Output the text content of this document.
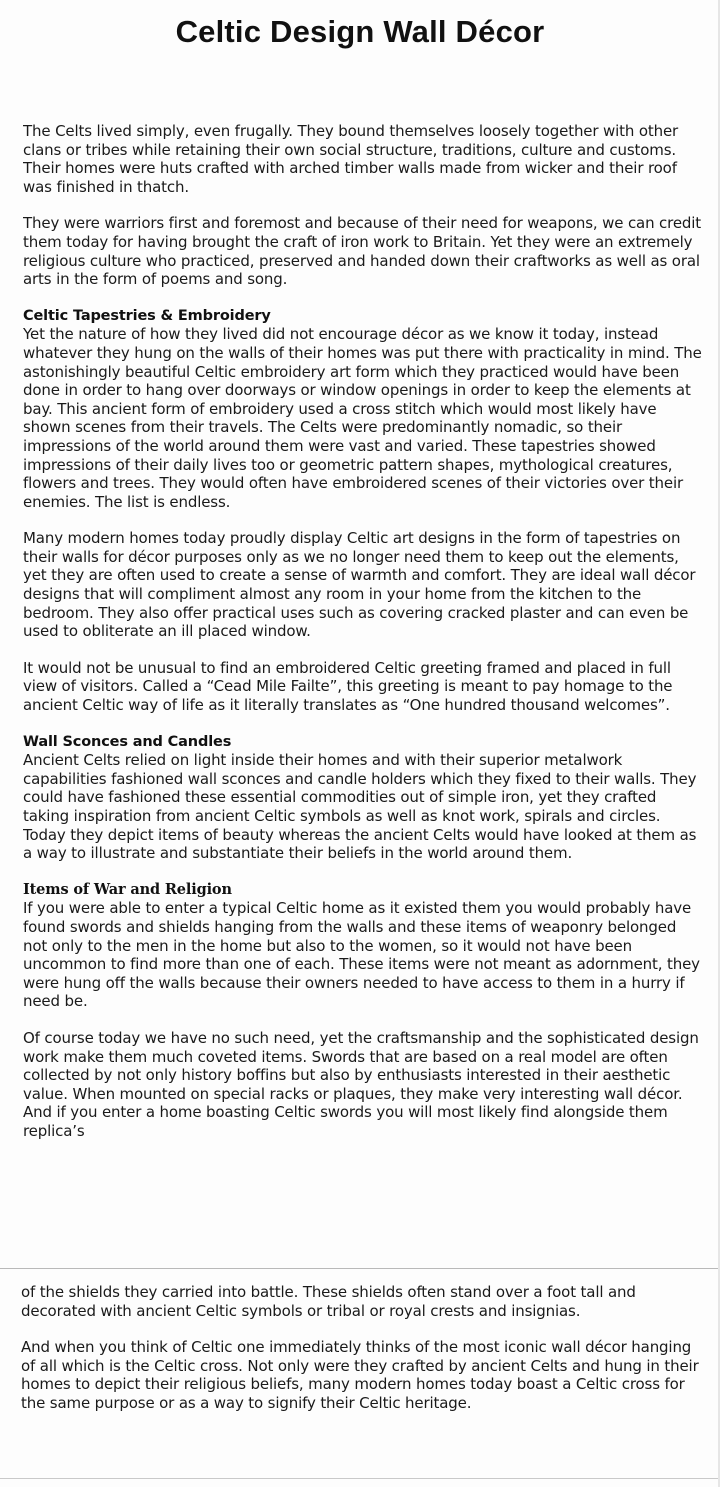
Celtic Design Wall Décor

The Celts lived simply, even frugally. They bound themselves loosely together with other clans or tribes while retaining their own social structure, traditions, culture and customs. Their homes were huts crafted with arched timber walls made from wicker and their roof was finished in thatch.

They were warriors first and foremost and because of their need for weapons, we can credit them today for having brought the craft of iron work to Britain. Yet they were an extremely religious culture who practiced, preserved and handed down their craftworks as well as oral arts in the form of poems and song.

Celtic Tapestries & Embroidery

Yet the nature of how they lived did not encourage décor as we know it today, instead whatever they hung on the walls of their homes was put there with practicality in mind. The astonishingly beautiful Celtic embroidery art form which they practiced would have been done in order to hang over doorways or window openings in order to keep the elements at bay. This ancient form of embroidery used a cross stitch which would most likely have shown scenes from their travels. The Celts were predominantly nomadic, so their impressions of the world around them were vast and varied. These tapestries showed impressions of their daily lives too or geometric pattern shapes, mythological creatures, flowers and trees. They would often have embroidered scenes of their victories over their enemies. The list is endless.

Many modern homes today proudly display Celtic art designs in the form of tapestries on their walls for décor purposes only as we no longer need them to keep out the elements, yet they are often used to create a sense of warmth and comfort. They are ideal wall décor designs that will compliment almost any room in your home from the kitchen to the bedroom. They also offer practical uses such as covering cracked plaster and can even be used to obliterate an ill placed window.

It would not be unusual to find an embroidered Celtic greeting framed and placed in full view of visitors. Called a “Cead Mile Failte”, this greeting is meant to pay homage to the ancient Celtic way of life as it literally translates as “One hundred thousand welcomes”.

Wall Sconces and Candles

Ancient Celts relied on light inside their homes and with their superior metalwork capabilities fashioned wall sconces and candle holders which they fixed to their walls. They could have fashioned these essential commodities out of simple iron, yet they crafted taking inspiration from ancient Celtic symbols as well as knot work, spirals and circles. Today they depict items of beauty whereas the ancient Celts would have looked at them as a way to illustrate and substantiate their beliefs in the world around them.

Items of War and Religion

If you were able to enter a typical Celtic home as it existed them you would probably have found swords and shields hanging from the walls and these items of weaponry belonged not only to the men in the home but also to the women, so it would not have been uncommon to find more than one of each. These items were not meant as adornment, they were hung off the walls because their owners needed to have access to them in a hurry if need be.

Of course today we have no such need, yet the craftsmanship and the sophisticated design work make them much coveted items. Swords that are based on a real model are often collected by not only history boffins but also by enthusiasts interested in their aesthetic value. When mounted on special racks or plaques, they make very interesting wall décor. And if you enter a home boasting Celtic swords you will most likely find alongside them replica’s

of the shields they carried into battle. These shields often stand over a foot tall and decorated with ancient Celtic symbols or tribal or royal crests and insignias.

And when you think of Celtic one immediately thinks of the most iconic wall décor hanging of all which is the Celtic cross. Not only were they crafted by ancient Celts and hung in their homes to depict their religious beliefs, many modern homes today boast a Celtic cross for the same purpose or as a way to signify their Celtic heritage.
